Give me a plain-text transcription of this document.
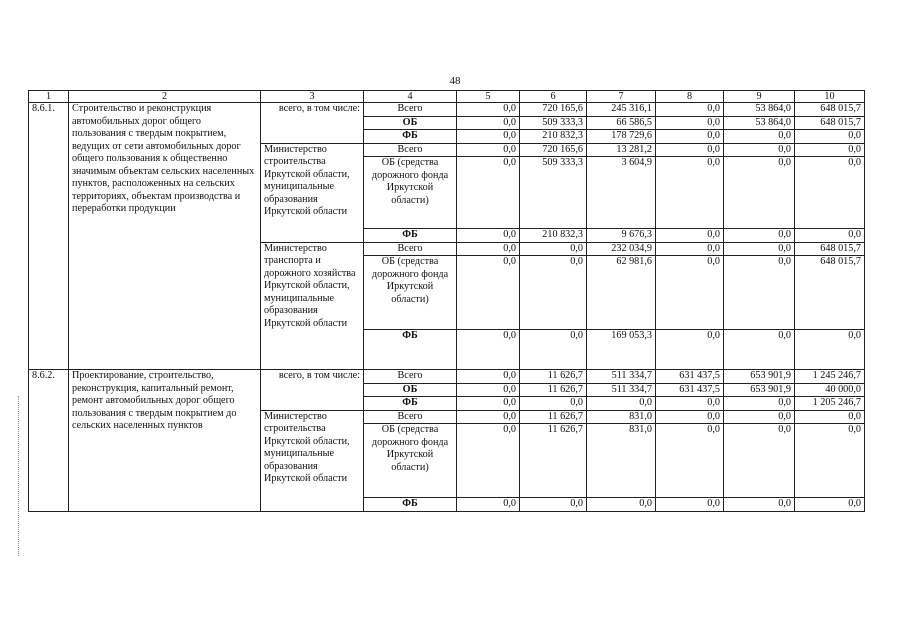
48
1	2	3	4	5	6	7	8	9	10
8.6.1.	Строительство и реконструкция автомобильных дорог общего пользования с твердым покрытием, ведущих от сети автомобильных дорог общего пользования к общественно значимым объектам сельских населенных пунктов, расположенных на сельских территориях, объектам производства и переработки продукции	всего, в том числе:	Всего	0,0	720 165,6	245 316,1	0,0	53 864,0	648 015,7
			ОБ	0,0	509 333,3	66 586,5	0,0	53 864,0	648 015,7
			ФБ	0,0	210 832,3	178 729,6	0,0	0,0	0,0
		Министерство строительства Иркутской области, муниципальные образования Иркутской области	Всего	0,0	720 165,6	13 281,2	0,0	0,0	0,0
			ОБ (средства дорожного фонда Иркутской области)	0,0	509 333,3	3 604,9	0,0	0,0	0,0
			ФБ	0,0	210 832,3	9 676,3	0,0	0,0	0,0
		Министерство транспорта и дорожного хозяйства Иркутской области, муниципальные образования Иркутской области	Всего	0,0	0,0	232 034,9	0,0	0,0	648 015,7
			ОБ (средства дорожного фонда Иркутской области)	0,0	0,0	62 981,6	0,0	0,0	648 015,7
			ФБ	0,0	0,0	169 053,3	0,0	0,0	0,0
8.6.2.	Проектирование, строительство, реконструкция, капитальный ремонт, ремонт автомобильных дорог общего пользования с твердым покрытием до сельских населенных пунктов	всего, в том числе:	Всего	0,0	11 626,7	511 334,7	631 437,5	653 901,9	1 245 246,7
			ОБ	0,0	11 626,7	511 334,7	631 437,5	653 901,9	40 000,0
			ФБ	0,0	0,0	0,0	0,0	0,0	1 205 246,7
		Министерство строительства Иркутской области, муниципальные образования Иркутской области	Всего	0,0	11 626,7	831,0	0,0	0,0	0,0
			ОБ (средства дорожного фонда Иркутской области)	0,0	11 626,7	831,0	0,0	0,0	0,0
			ФБ	0,0	0,0	0,0	0,0	0,0	0,0
